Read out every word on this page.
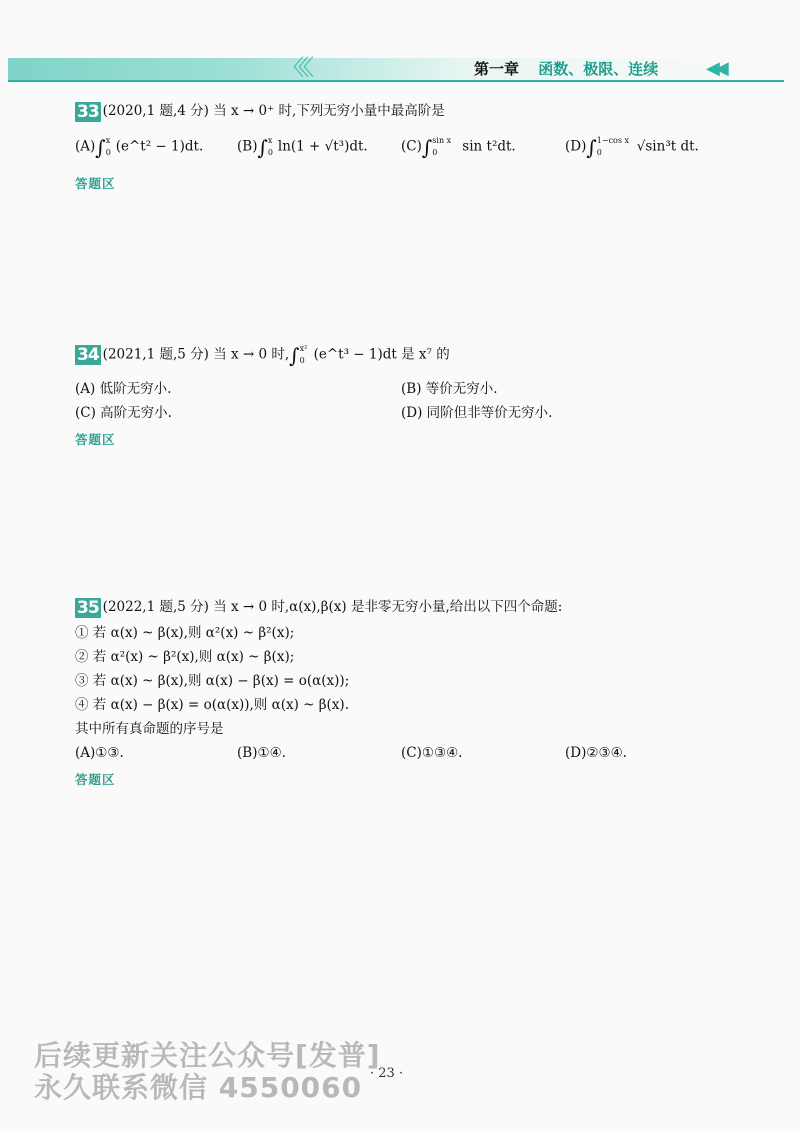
〈〈〈	第一章 函数、极限、连续	◀◀
33 (2020,1 题,4 分) 当 x → 0⁺ 时,下列无穷小量中最高阶是
(A)∫ x
0 (e^t² − 1)dt.	(B)∫ x
0 ln(1 + √t³)dt. (C)∫ sin x
0 sin t²dt.	(D)∫ 1−cos x
0	√sin³t dt.
答题区
34 (2021,1 题,5 分) 当 x → 0 时,∫ x²
0 (e^t³ − 1)dt 是 x⁷ 的
(A) 低阶无穷小.	(B) 等价无穷小.
(C) 高阶无穷小.	(D) 同阶但非等价无穷小.
答题区
35 (2022,1 题,5 分) 当 x → 0 时,α(x),β(x) 是非零无穷小量,给出以下四个命题:
① 若 α(x) ~ β(x),则 α²(x) ~ β²(x);
② 若 α²(x) ~ β²(x),则 α(x) ~ β(x);
③ 若 α(x) ~ β(x),则 α(x) − β(x) = o(α(x));
④ 若 α(x) − β(x) = o(α(x)),则 α(x) ~ β(x).
其中所有真命题的序号是
(A)①③.	(B)①④.	(C)①③④.	(D)②③④.
答题区
后续更新关注公众号[发普]
· 23 ·
永久联系微信 4550060
